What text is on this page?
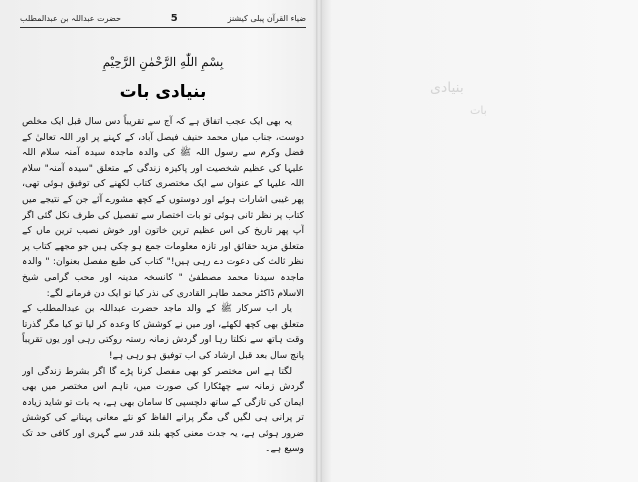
حضرت عبداللہ بن عبدالمطلب	5	ضیاء القرآن پبلی کیشنز
بِسْمِ اللّٰهِ الرَّحْمٰنِ الرَّحِيْمِ
بنیادی بات

یہ بھی ایک عجب اتفاق ہے کہ آج سے تقریباً دس سال قبل ایک مخلص دوست، جناب میاں محمد حنیف فیصل آباد، کے کہنے پر اور اللہ تعالیٰ کے فضل وکرم سے رسول اللہ ﷺ کی والدہ ماجدہ سیدہ آمنہ سلام اللہ علیہا کی عظیم شخصیت اور پاکیزہ زندگی کے متعلق "سیدہ آمنہ" سلام اللہ علیہا کے عنوان سے ایک مختصری کتاب لکھنے کی توفیق ہوئی تھی، پھر غیبی اشارات ہوئے اور دوستوں کے کچھ مشورے آئے جن کے نتیجے میں کتاب پر نظر ثانی ہوئی تو بات اختصار سے تفصیل کی طرف نکل گئی اگر آپ پھر تاریخ کی اس عظیم ترین خاتون اور خوش نصیب ترین ماں کے متعلق مزید حقائق اور تازہ معلومات جمع ہو چکی ہیں جو مجھے کتاب پر نظر ثالث کی دعوت دے رہی ہیں!" کتاب کی طبع مفصل بعنوان: " والدہ ماجدہ سیدنا محمد مصطفیٰ " کانسخہ مدینہ اور محب گرامی شیخ الاسلام ڈاکٹر محمد طاہر القادری کی نذر کیا تو ایک دن فرمانے لگے:

یار اب سرکار ﷺ کے والد ماجد حضرت عبداللہ بن عبدالمطلب کے متعلق بھی کچھ لکھئے، اور میں نے کوشش کا وعدہ کر لیا تو کیا مگر گذرتا وقت ہاتھ سے نکلتا رہا اور گردش زمانہ رستہ روکتی رہی اور یوں تقریباً پانچ سال بعد قبل ارشاد کی اب توفیق ہو رہی ہے!

لگتا ہے اس مختصر کو بھی مفصل کرنا پڑے گا اگر بشرط زندگی اور گردش زمانہ سے چھٹکارا کی صورت میں، تاہم اس مختصر میں بھی ایمان کی تازگی کے ساتھ دلچسپی کا سامان بھی ہے، یہ بات تو شاید زیادہ تر پرانی ہی لگیں گی مگر پرانے الفاظ کو نئے معانی پہنانے کی کوشش ضرور ہوئی ہے، یہ جدت معنی کچھ بلند قدر سے گہری اور کافی حد تک وسیع ہے۔

بنیادی
بات
